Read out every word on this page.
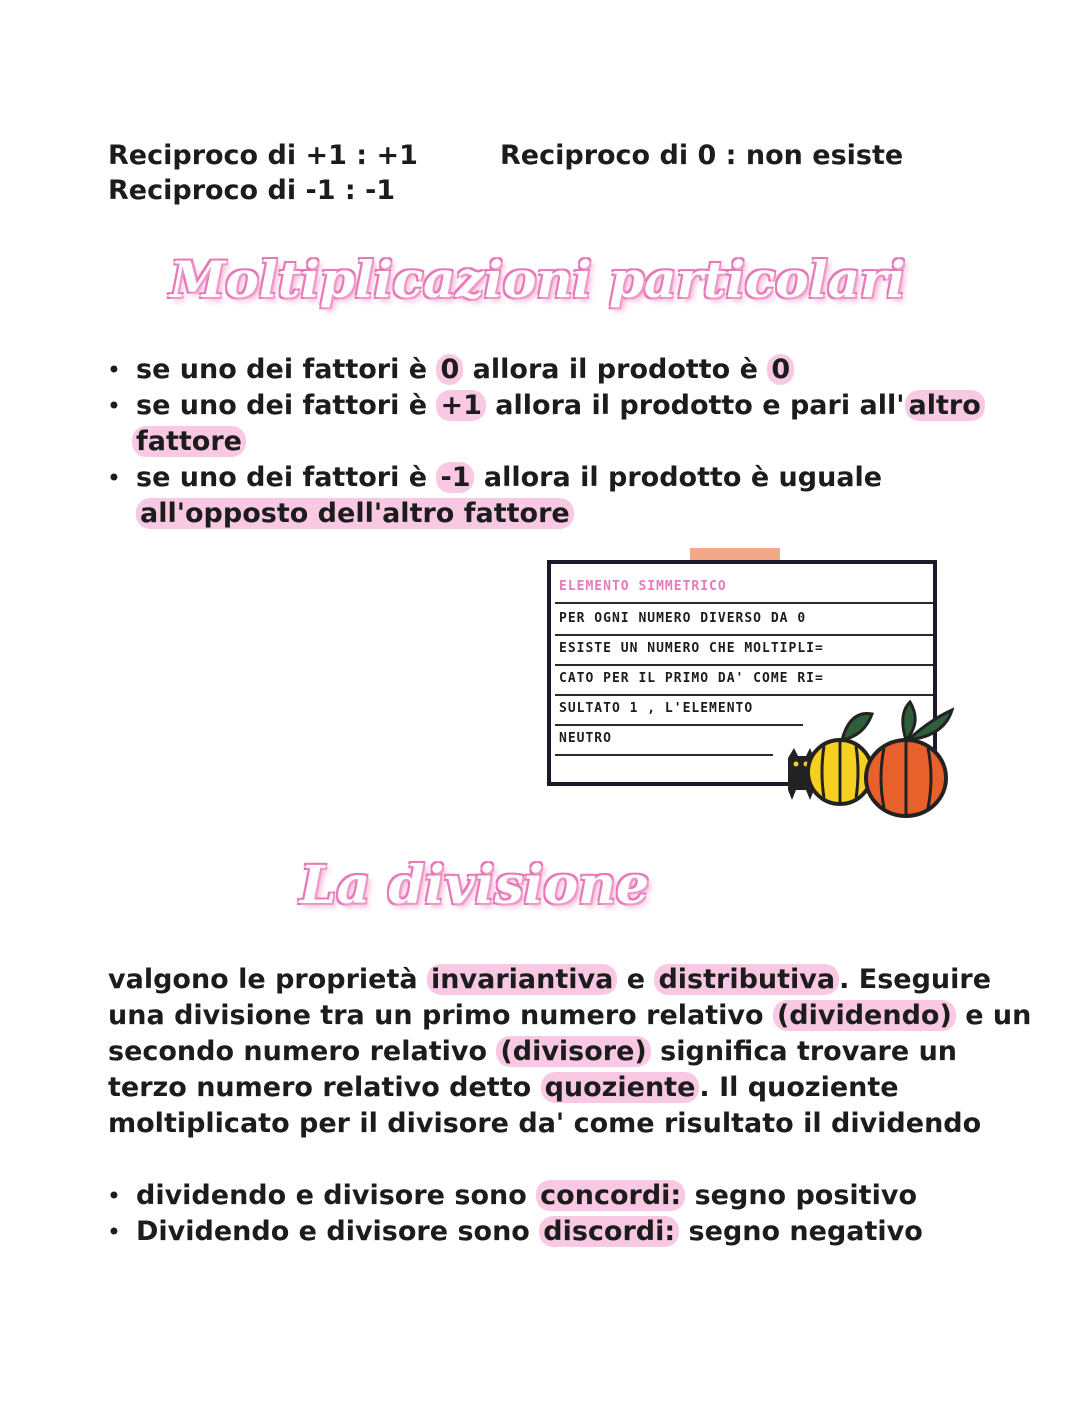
Reciproco di +1 : +1
Reciproco di -1 : -1
Reciproco di 0 : non esiste
Moltiplicazioni particolari
• se uno dei fattori è 0 allora il prodotto è 0
• se uno dei fattori è +1 allora il prodotto e pari all' altro
fattore
• se uno dei fattori è -1 allora il prodotto è uguale
all'opposto dell'altro fattore
ELEMENTO SIMMETRICO
PER OGNI NUMERO DIVERSO DA 0
ESISTE UN NUMERO CHE MOLTIPLI=
CATO PER IL PRIMO DA' COME RI=
SULTATO 1 , L'ELEMENTO
NEUTRO
La divisione
valgono le proprietà invariantiva e distributiva . Eseguire
una divisione tra un primo numero relativo (dividendo) e un
secondo numero relativo (divisore) significa trovare un
terzo numero relativo detto quoziente . Il quoziente
moltiplicato per il divisore da' come risultato il dividendo
• dividendo e divisore sono concordi: segno positivo
• Dividendo e divisore sono discordi: segno negativo
